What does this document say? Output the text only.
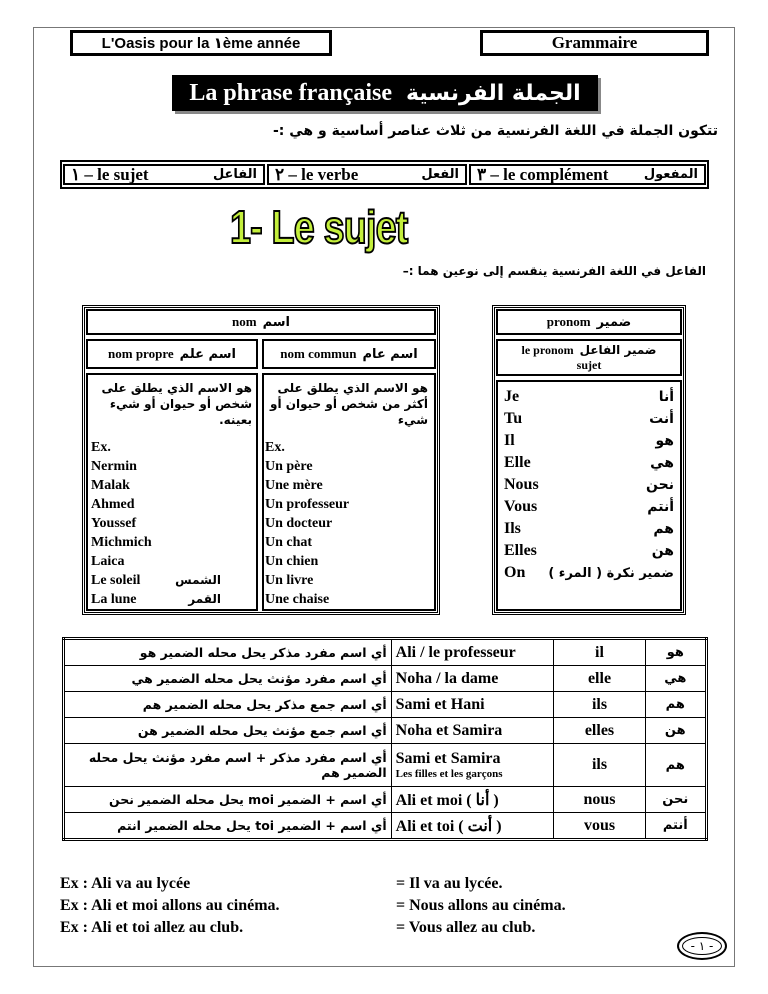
L'Oasis pour la ١ème année	Grammaire
La phrase française الجملة الفرنسية
تتكون الجملة في اللغة الفرنسية من ثلاث عناصر أساسية و هي :-
١ – le sujet	الفاعل ٢ – le verbe	الفعل ٣ – le complément	المفعول
1- Le sujet
الفاعل في اللغة الفرنسية ينقسم إلى نوعين هما :–
nom اسم
nom propre اسم علم	nom commun اسم عام
هو الاسم الذي يطلق على شخص أو حيوان أو شيء بعينه.
Ex.
Nermin
Malak
Ahmed
Youssef
Michmich
Laica
Le soleil	الشمس
La lune	القمر
هو الاسم الذي يطلق على أكثر من شخص أو حيوان أو شيء
Ex.
Un père
Une mère
Un professeur
Un docteur
Un chat
Un chien
Un livre
Une chaise
pronom ضمير
le pronom ضمير الفاعل
sujet
Je	أنا
Tu	أنت
Il	هو
Elle	هي
Nous	نحن
Vous	أنتم
Ils	هم
Elles	هن
On ضمير نكرة ( المرء )
أي اسم مفرد مذكر يحل محله الضمير هو	Ali / le professeur	il	هو
أي اسم مفرد مؤنث يحل محله الضمير هي	Noha / la dame	elle	هي
أي اسم جمع مذكر يحل محله الضمير هم	Sami et Hani	ils	هم
أي اسم جمع مؤنث يحل محله الضمير هن	Noha et Samira	elles	هن
أي اسم مفرد مذكر + اسم مفرد مؤنث يحل محله الضمير هم	Sami et Samira
Les filles et les garçons	ils	هم
أي اسم + الضمير moi يحل محله الضمير نحن	Ali et moi ( أنا )	nous	نحن
أي اسم + الضمير toi يحل محله الضمير انتم	Ali et toi ( أنت )	vous	أنتم
Ex : Ali va au lycée
Ex : Ali et moi allons au cinéma.
Ex : Ali et toi allez au club.
= Il va au lycée.
= Nous allons au cinéma.
= Vous allez au club.
- ١ -
